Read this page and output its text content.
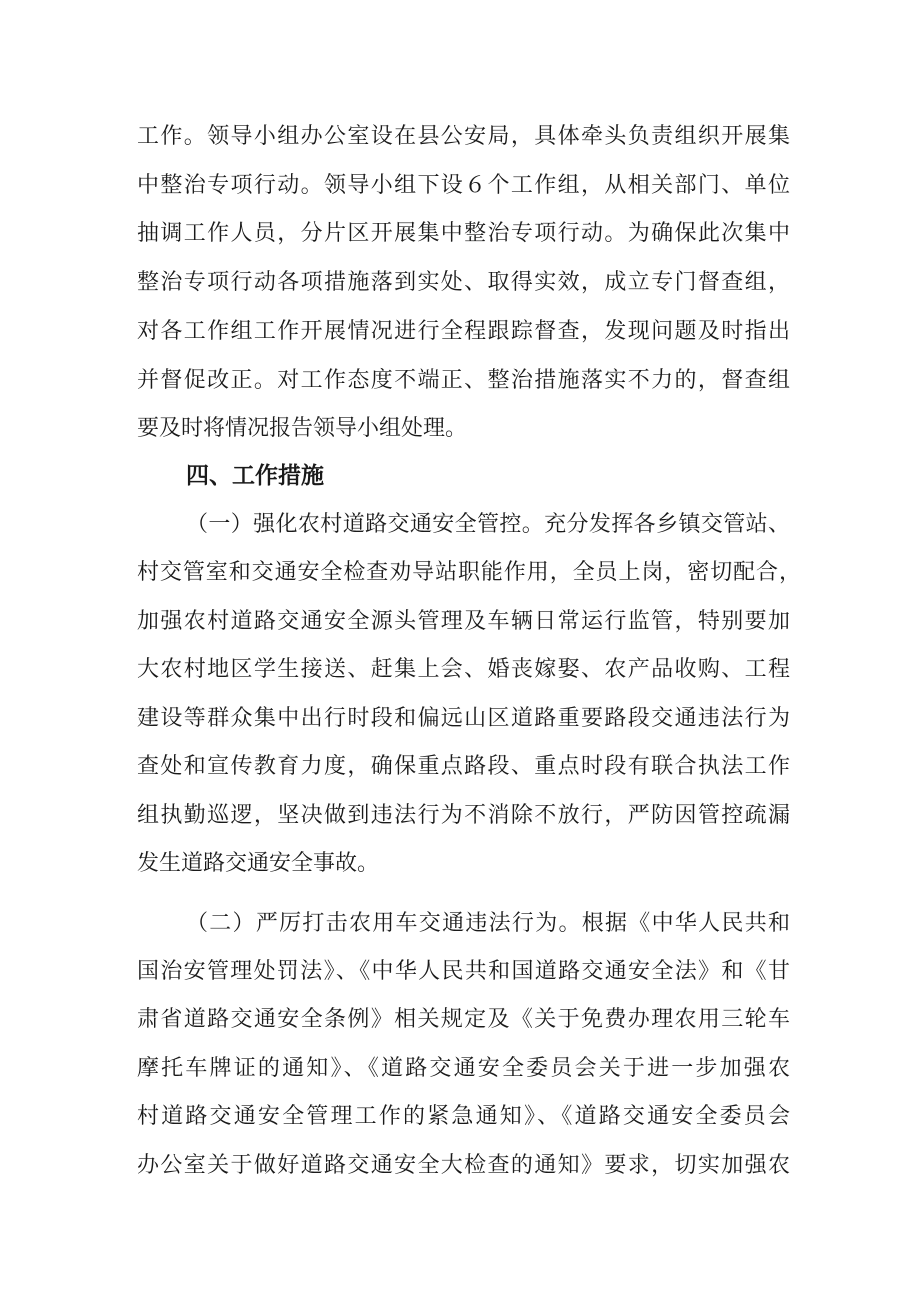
工作。领导小组办公室设在县公安局，具体牵头负责组织开展集
中整治专项行动。领导小组下设６个工作组，从相关部门、单位
抽调工作人员，分片区开展集中整治专项行动。为确保此次集中
整治专项行动各项措施落到实处、取得实效，成立专门督查组，
对各工作组工作开展情况进行全程跟踪督查，发现问题及时指出
并督促改正。对工作态度不端正、整治措施落实不力的，督查组
要及时将情况报告领导小组处理。
四、工作措施
（一）强化农村道路交通安全管控。充分发挥各乡镇交管站、
村交管室和交通安全检查劝导站职能作用，全员上岗，密切配合，
加强农村道路交通安全源头管理及车辆日常运行监管，特别要加
大农村地区学生接送、赶集上会、婚丧嫁娶、农产品收购、工程
建设等群众集中出行时段和偏远山区道路重要路段交通违法行为
查处和宣传教育力度，确保重点路段、重点时段有联合执法工作
组执勤巡逻，坚决做到违法行为不消除不放行，严防因管控疏漏
发生道路交通安全事故。
（二）严厉打击农用车交通违法行为。根据《中华人民共和
国治安管理处罚法》、《中华人民共和国道路交通安全法》和《甘
肃省道路交通安全条例》相关规定及《关于免费办理农用三轮车
摩托车牌证的通知》、《道路交通安全委员会关于进一步加强农
村道路交通安全管理工作的紧急通知》、《道路交通安全委员会
办公室关于做好道路交通安全大检查的通知》要求，切实加强农
